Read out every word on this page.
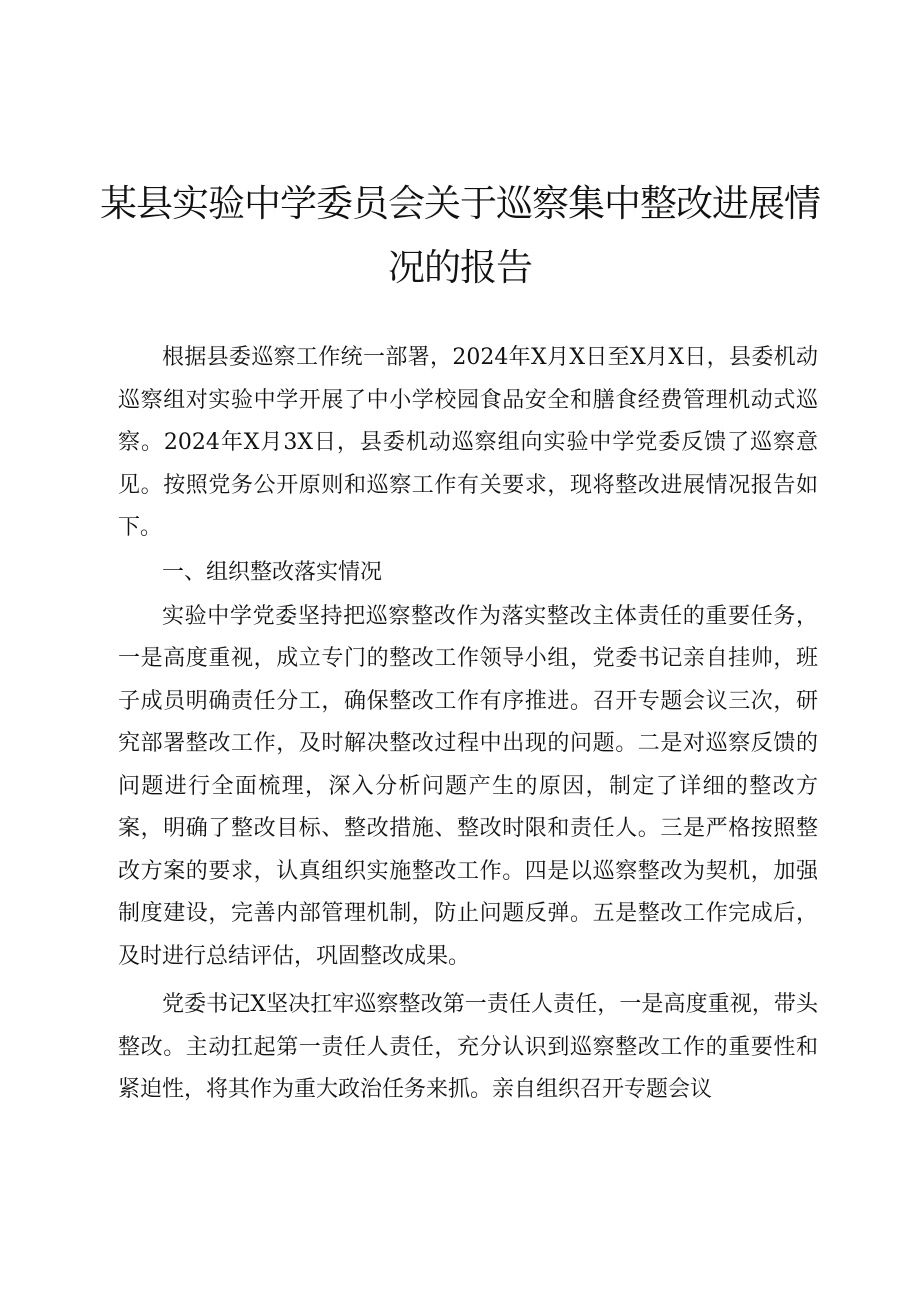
某县实验中学委员会关于巡察集中整改进展情况的报告

根据县委巡察工作统一部署，2024年X月X日至X月X日，县委机动巡察组对实验中学开展了中小学校园食品安全和膳食经费管理机动式巡察。2024年X月3X日，县委机动巡察组向实验中学党委反馈了巡察意见。按照党务公开原则和巡察工作有关要求，现将整改进展情况报告如下。

一、组织整改落实情况

实验中学党委坚持把巡察整改作为落实整改主体责任的重要任务，一是高度重视，成立专门的整改工作领导小组，党委书记亲自挂帅，班子成员明确责任分工，确保整改工作有序推进。召开专题会议三次，研究部署整改工作，及时解决整改过程中出现的问题。二是对巡察反馈的问题进行全面梳理，深入分析问题产生的原因，制定了详细的整改方案，明确了整改目标、整改措施、整改时限和责任人。三是严格按照整改方案的要求，认真组织实施整改工作。四是以巡察整改为契机，加强制度建设，完善内部管理机制，防止问题反弹。五是整改工作完成后，及时进行总结评估，巩固整改成果。

党委书记X坚决扛牢巡察整改第一责任人责任，一是高度重视，带头整改。主动扛起第一责任人责任，充分认识到巡察整改工作的重要性和紧迫性，将其作为重大政治任务来抓。亲自组织召开专题会议
